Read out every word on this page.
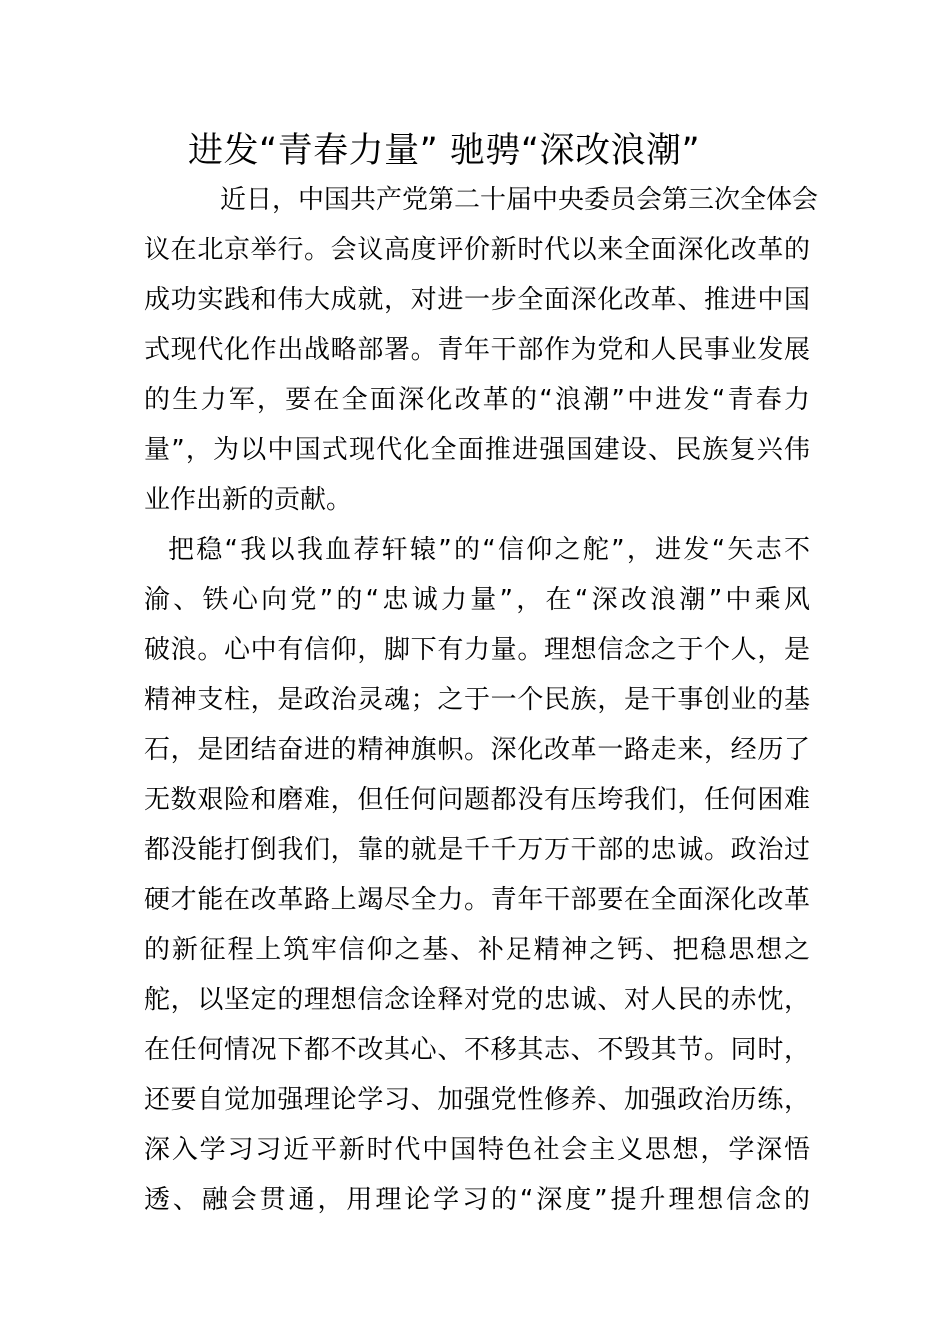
进发“青春力量” 驰骋“深改浪潮”
近日，中国共产党第二十届中央委员会第三次全体会
议在北京举行。会议高度评价新时代以来全面深化改革的
成功实践和伟大成就，对进一步全面深化改革、推进中国
式现代化作出战略部署。青年干部作为党和人民事业发展
的生力军，要在全面深化改革的“浪潮”中进发“青春力
量”，为以中国式现代化全面推进强国建设、民族复兴伟
业作出新的贡献。
把稳“我以我血荐轩辕”的“信仰之舵”，进发“矢志不
渝、铁心向党”的“忠诚力量”，在“深改浪潮”中乘风
破浪。心中有信仰，脚下有力量。理想信念之于个人，是
精神支柱，是政治灵魂；之于一个民族，是干事创业的基
石，是团结奋进的精神旗帜。深化改革一路走来，经历了
无数艰险和磨难，但任何问题都没有压垮我们，任何困难
都没能打倒我们，靠的就是千千万万干部的忠诚。政治过
硬才能在改革路上竭尽全力。青年干部要在全面深化改革
的新征程上筑牢信仰之基、补足精神之钙、把稳思想之
舵，以坚定的理想信念诠释对党的忠诚、对人民的赤忱，
在任何情况下都不改其心、不移其志、不毁其节。同时，
还要自觉加强理论学习、加强党性修养、加强政治历练，
深入学习习近平新时代中国特色社会主义思想，学深悟
透、融会贯通，用理论学习的“深度”提升理想信念的
